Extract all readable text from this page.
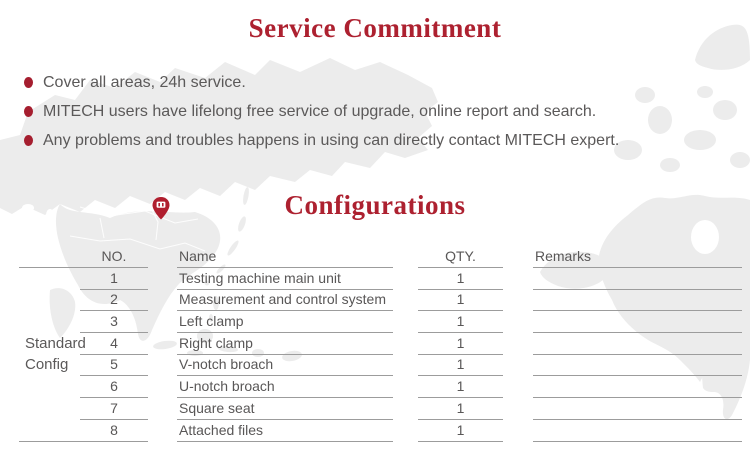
Service Commitment
Cover all areas, 24h service.
MITECH users have lifelong free service of upgrade, online report and search.
Any problems and troubles happens in using can directly contact MITECH expert.
Configurations
NO.	Name	QTY.	Remarks
Standard
Config
1	Testing machine main unit	1
2	Measurement and control system	1
3	Left clamp	1
4	Right clamp	1
5	V-notch broach	1
6	U-notch broach	1
7	Square seat	1
8	Attached files	1
